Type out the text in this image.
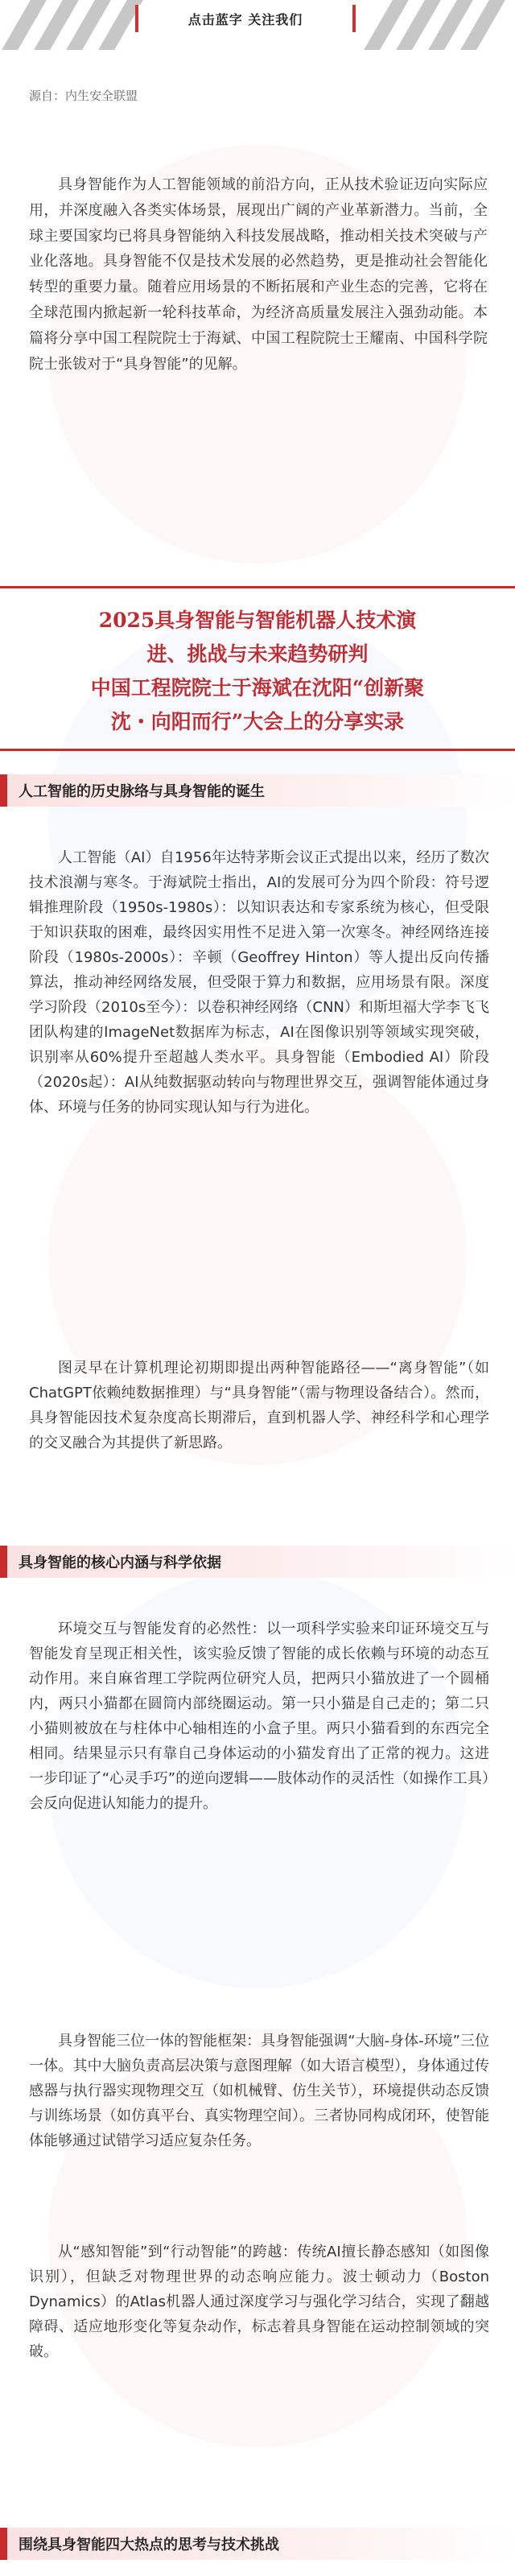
点击蓝字 关注我们
源自：内生安全联盟

具身智能作为人工智能领域的前沿方向，正从技术验证迈向实际应用，并深度融入各类实体场景，展现出广阔的产业革新潜力。当前，全球主要国家均已将具身智能纳入科技发展战略，推动相关技术突破与产业化落地。具身智能不仅是技术发展的必然趋势，更是推动社会智能化转型的重要力量。随着应用场景的不断拓展和产业生态的完善，它将在全球范围内掀起新一轮科技革命，为经济高质量发展注入强劲动能。本篇将分享中国工程院院士于海斌、中国工程院院士王耀南、中国科学院院士张钹对于“具身智能”的见解。

2025具身智能与智能机器人技术演
进、挑战与未来趋势研判
中国工程院院士于海斌在沈阳“创新聚
沈・向阳而行”大会上的分享实录
人工智能的历史脉络与具身智能的诞生

人工智能（AI）自1956年达特茅斯会议正式提出以来，经历了数次技术浪潮与寒冬。于海斌院士指出，AI的发展可分为四个阶段：符号逻辑推理阶段（1950s-1980s）：以知识表达和专家系统为核心，但受限于知识获取的困难，最终因实用性不足进入第一次寒冬。神经网络连接阶段（1980s-2000s）：辛顿（Geoffrey Hinton）等人提出反向传播算法，推动神经网络发展，但受限于算力和数据，应用场景有限。深度学习阶段（2010s至今）：以卷积神经网络（CNN）和斯坦福大学李飞飞团队构建的ImageNet数据库为标志，AI在图像识别等领域实现突破，识别率从60%提升至超越人类水平。具身智能（Embodied AI）阶段（2020s起）：AI从纯数据驱动转向与物理世界交互，强调智能体通过身体、环境与任务的协同实现认知与行为进化。

图灵早在计算机理论初期即提出两种智能路径——“离身智能”（如ChatGPT依赖纯数据推理）与“具身智能”（需与物理设备结合）。然而，具身智能因技术复杂度高长期滞后，直到机器人学、神经科学和心理学的交叉融合为其提供了新思路。

具身智能的核心内涵与科学依据

环境交互与智能发育的必然性：以一项科学实验来印证环境交互与智能发育呈现正相关性，该实验反馈了智能的成长依赖与环境的动态互动作用。来自麻省理工学院两位研究人员，把两只小猫放进了一个圆桶内，两只小猫都在圆筒内部绕圈运动。第一只小猫是自己走的；第二只小猫则被放在与柱体中心轴相连的小盒子里。两只小猫看到的东西完全相同。结果显示只有靠自己身体运动的小猫发育出了正常的视力。这进一步印证了“心灵手巧”的逆向逻辑——肢体动作的灵活性（如操作工具）会反向促进认知能力的提升。

具身智能三位一体的智能框架：具身智能强调“大脑-身体-环境”三位一体。其中大脑负责高层决策与意图理解（如大语言模型），身体通过传感器与执行器实现物理交互（如机械臂、仿生关节），环境提供动态反馈与训练场景（如仿真平台、真实物理空间）。三者协同构成闭环，使智能体能够通过试错学习适应复杂任务。

从“感知智能”到“行动智能”的跨越：传统AI擅长静态感知（如图像识别），但缺乏对物理世界的动态响应能力。波士顿动力（Boston Dynamics）的Atlas机器人通过深度学习与强化学习结合，实现了翻越障碍、适应地形变化等复杂动作，标志着具身智能在运动控制领域的突破。

围绕具身智能四大热点的思考与技术挑战
